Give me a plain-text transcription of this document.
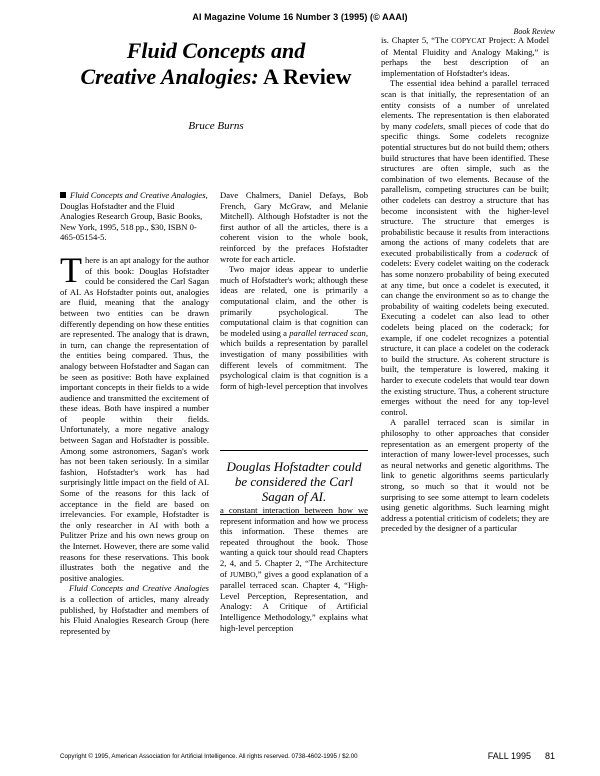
AI Magazine Volume 16 Number 3 (1995) (© AAAI)
Book Review
Fluid Concepts and
Creative Analogies: A Review
Bruce Burns
Fluid Concepts and Creative Analogies, Douglas Hofstadter and the Fluid Analogies Research Group, Basic Books, New York, 1995, 518 pp., $30, ISBN 0-465-05154-5.

There is an apt analogy for the author of this book: Douglas Hofstadter could be considered the Carl Sagan of AI. As Hofstadter points out, analogies are fluid, meaning that the analogy between two entities can be drawn differently depending on how these entities are represented. The analogy that is drawn, in turn, can change the representation of the entities being compared. Thus, the analogy between Hofstadter and Sagan can be seen as positive: Both have explained important concepts in their fields to a wide audience and transmitted the excitement of these ideas. Both have inspired a number of people within their fields. Unfortunately, a more negative analogy between Sagan and Hofstadter is possible. Among some astronomers, Sagan's work has not been taken seriously. In a similar fashion, Hofstadter's work has had surprisingly little impact on the field of AI. Some of the reasons for this lack of acceptance in the field are based on irrelevancies. For example, Hofstadter is the only researcher in AI with both a Pulitzer Prize and his own news group on the Internet. However, there are some valid reasons for these reservations. This book illustrates both the negative and the positive analogies.

Fluid Concepts and Creative Analogies is a collection of articles, many already published, by Hofstadter and members of his Fluid Analogies Research Group (here represented by

Dave Chalmers, Daniel Defays, Bob French, Gary McGraw, and Melanie Mitchell). Although Hofstadter is not the first author of all the articles, there is a coherent vision to the whole book, reinforced by the prefaces Hofstadter wrote for each article.

Two major ideas appear to underlie much of Hofstadter's work; although these ideas are related, one is primarily a computational claim, and the other is primarily psychological. The computational claim is that cognition can be modeled using a parallel terraced scan, which builds a representation by parallel investigation of many possibilities with different levels of commitment. The psychological claim is that cognition is a form of high-level perception that involves

Douglas Hofstadter could be considered the Carl Sagan of AI.

a constant interaction between how we represent information and how we process this information. These themes are repeated throughout the book. Those wanting a quick tour should read Chapters 2, 4, and 5. Chapter 2, “The Architecture of JUMBO,” gives a good explanation of a parallel terraced scan. Chapter 4, “High-Level Perception, Representation, and Analogy: A Critique of Artificial Intelligence Methodology,” explains what high-level perception

is. Chapter 5, “The COPYCAT Project: A Model of Mental Fluidity and Analogy Making,” is perhaps the best description of an implementation of Hofstadter's ideas.

The essential idea behind a parallel terraced scan is that initially, the representation of an entity consists of a number of unrelated elements. The representation is then elaborated by many codelets, small pieces of code that do specific things. Some codelets recognize potential structures but do not build them; others build structures that have been identified. These structures are often simple, such as the combination of two elements. Because of the parallelism, competing structures can be built; other codelets can destroy a structure that has become inconsistent with the higher-level structure. The structure that emerges is probabilistic because it results from interactions among the actions of many codelets that are executed probabilistically from a coderack of codelets: Every codelet waiting on the coderack has some nonzero probability of being executed at any time, but once a codelet is executed, it can change the environment so as to change the probability of waiting codelets being executed. Executing a codelet can also lead to other codelets being placed on the coderack; for example, if one codelet recognizes a potential structure, it can place a codelet on the coderack to build the structure. As coherent structure is built, the temperature is lowered, making it harder to execute codelets that would tear down the existing structure. Thus, a coherent structure emerges without the need for any top-level control.

A parallel terraced scan is similar in philosophy to other approaches that consider representation as an emergent property of the interaction of many lower-level processes, such as neural networks and genetic algorithms. The link to genetic algorithms seems particularly strong, so much so that it would not be surprising to see some attempt to learn codelets using genetic algorithms. Such learning might address a potential criticism of codelets; they are preceded by the designer of a particular

Copyright © 1995, American Association for Artificial Intelligence. All rights reserved. 0738-4602-1995 / $2.00	FALL 1995 81
